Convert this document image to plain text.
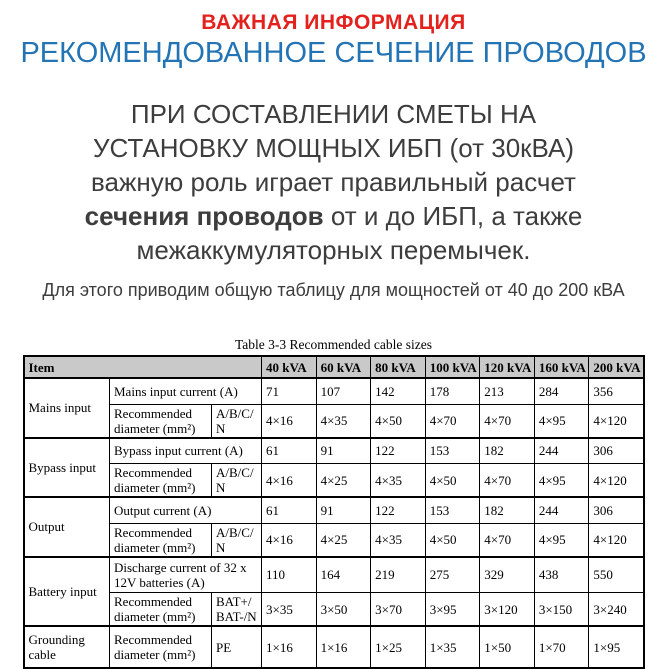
ВАЖНАЯ ИНФОРМАЦИЯ
РЕКОМЕНДОВАННОЕ СЕЧЕНИЕ ПРОВОДОВ
ПРИ СОСТАВЛЕНИИ СМЕТЫ НА
УСТАНОВКУ МОЩНЫХ ИБП (от 30кВА)
важную роль играет правильный расчет
сечения проводов от и до ИБП, а также
межаккумуляторных перемычек.
Для этого приводим общую таблицу для мощностей от 40 до 200 кВА
Table 3-3 Recommended cable sizes
Item			40 kVA	60 kVA	80 kVA	100 kVA	120 kVA	160 kVA	200 kVA
Mains input	Mains input current (A)		71	107	142	178	213	284	356
	Recommended diameter (mm²)	A/B/C/N	4×16	4×35	4×50	4×70	4×70	4×95	4×120
Bypass input	Bypass input current (A)		61	91	122	153	182	244	306
	Recommended diameter (mm²)	A/B/C/N	4×16	4×25	4×35	4×50	4×70	4×95	4×120
Output	Output current (A)		61	91	122	153	182	244	306
	Recommended diameter (mm²)	A/B/C/N	4×16	4×25	4×35	4×50	4×70	4×95	4×120
Battery input	Discharge current of 32 x 12V batteries (A)		110	164	219	275	329	438	550
	Recommended diameter (mm²)	BAT+/BAT-/N	3×35	3×50	3×70	3×95	3×120	3×150	3×240
Grounding cable	Recommended diameter (mm²)	PE	1×16	1×16	1×25	1×35	1×50	1×70	1×95
